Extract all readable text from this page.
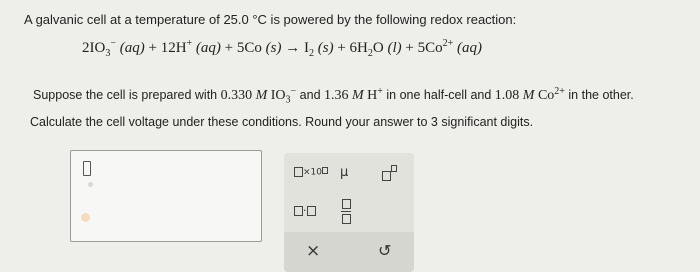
A galvanic cell at a temperature of 25.0 °C is powered by the following redox reaction:
$2IO_3^-$ (aq) + 12H+ (aq) + 5Co $(s) \to I_2$ $(s) + 6H_2O$ $(l) + 5Co^{2+}$ (aq)
Suppose the cell is prepared with 0.330 M $IO_3^-$ and 1.36 M H+ in one half-cell and 1.08 M $Co^{2+}$ in the other.
Calculate the cell voltage under these conditions. Round your answer to 3 significant digits.
×10	μ
·
×	↺
